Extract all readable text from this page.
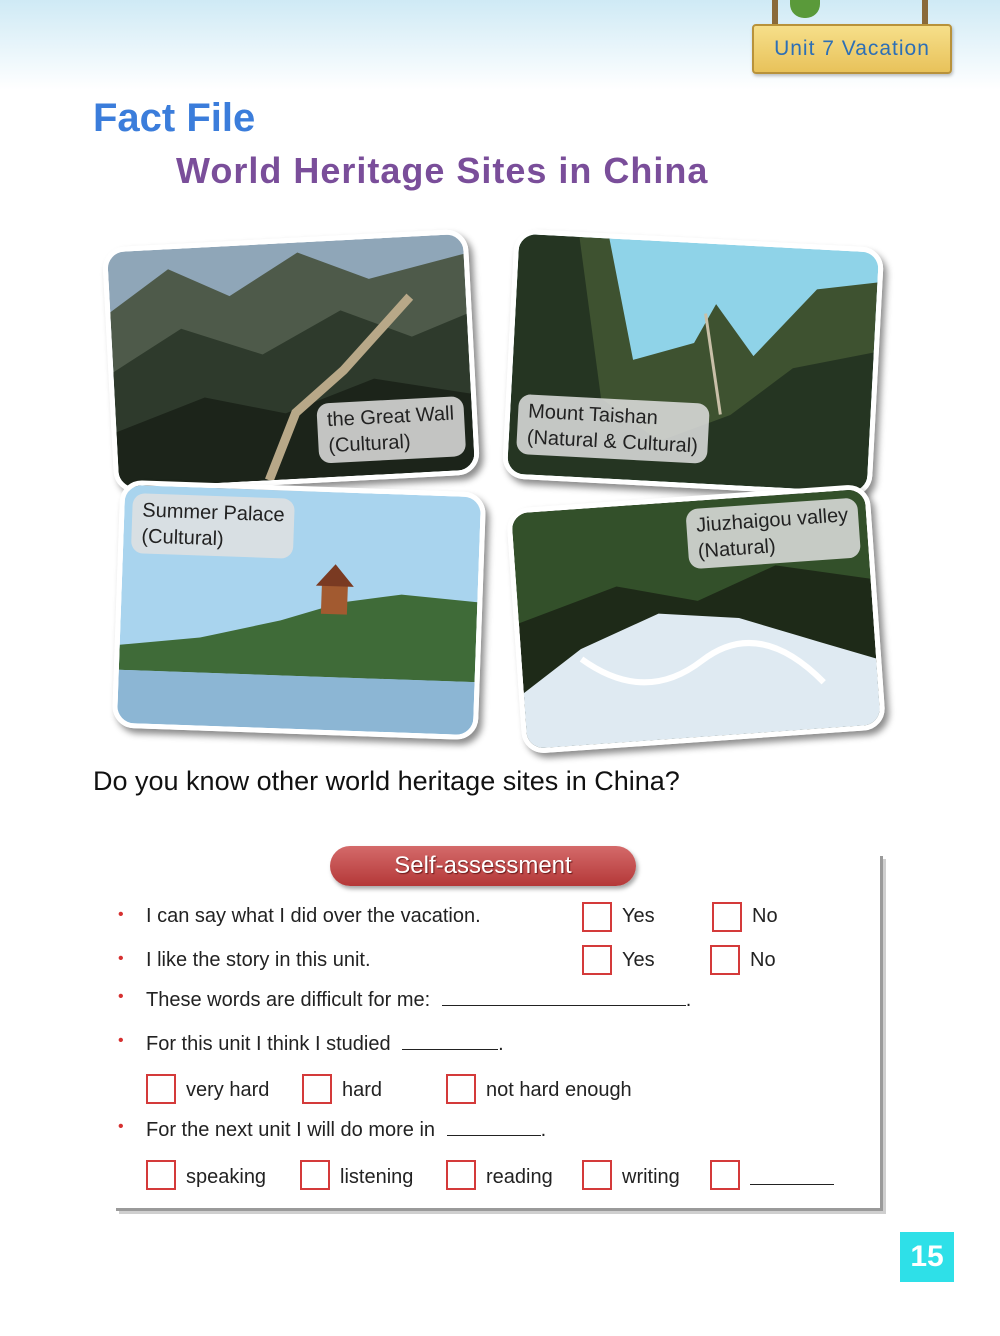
Unit 7 Vacation
Fact File
World Heritage Sites in China
the Great Wall
(Cultural)
Mount Taishan
(Natural & Cultural)
Summer Palace
(Cultural)
Jiuzhaigou valley
(Natural)
Do you know other world heritage sites in China?
Self-assessment
• I can say what I did over the vacation.	Yes	No
• I like the story in this unit.	Yes	No
• These words are difficult for me:	.
• For this unit I think I studied	.
very hard	hard	not hard enough
• For the next unit I will do more in	.
speaking	listening	reading	writing
15
